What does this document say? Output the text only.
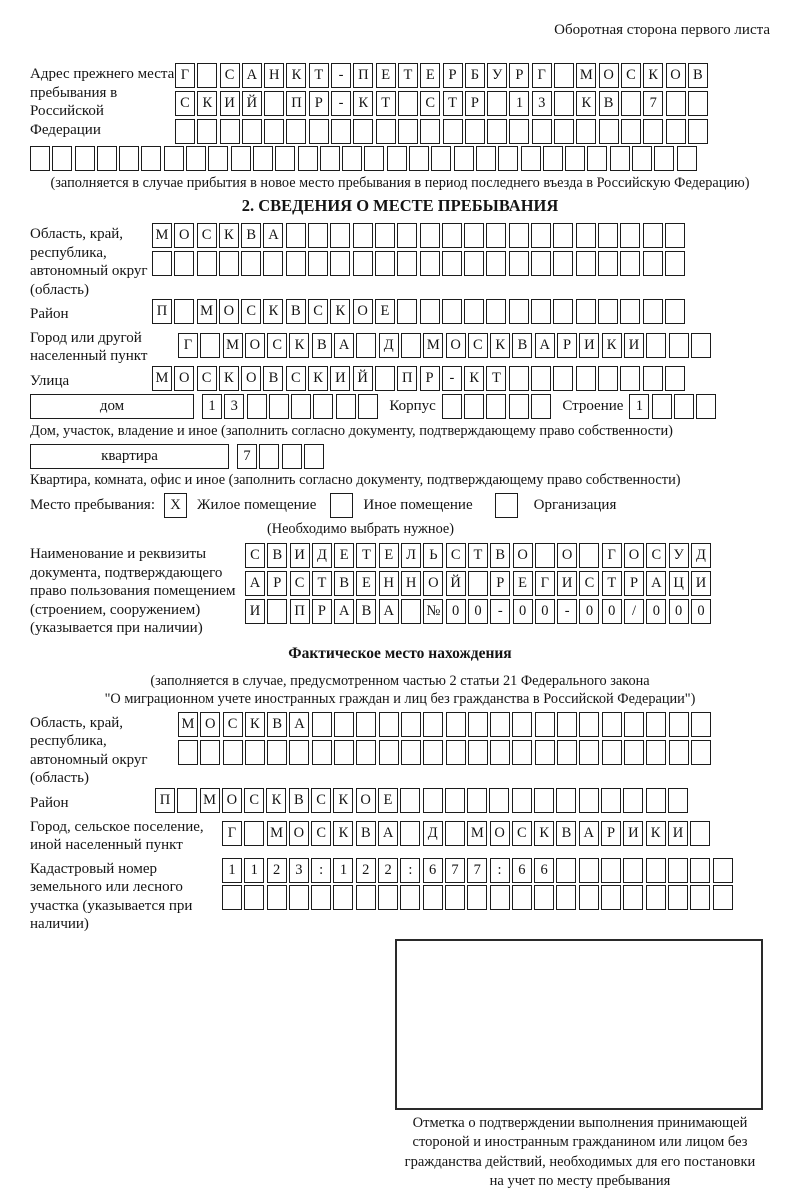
Оборотная сторона первого листа
Адрес прежнего места пребывания в Российской Федерации
Г	С А Н К Т	-	П Е Т Е Р Б У Р Г	М О С К О В
С К И Й	П Р	-	К Т	С Т Р	1	3	К В	7
(заполняется в случае прибытия в новое место пребывания в период последнего въезда в Российскую Федерацию)
2. СВЕДЕНИЯ О МЕСТЕ ПРЕБЫВАНИЯ
Область, край, республика, автономный округ (область)
М О С К В А
Район	П	М О С К В С К О Е
Город или другой населенный пункт
Г	М О С К В А	Д	М О С К В А Р И К И
Улица	М О С К О В С К И Й	П Р	-	К Т
дом	1	3	Корпус	Строение 1
Дом, участок, владение и иное (заполнить согласно документу, подтверждающему право собственности)
квартира	7
Квартира, комната, офис и иное (заполнить согласно документу, подтверждающему право собственности)
Место пребывания:	X	Жилое помещение	Иное помещение	Организация
(Необходимо выбрать нужное)
Наименование и реквизиты документа, подтверждающего право пользования помещением (строением, сооружением) (указывается при наличии)
С В И Д Е Т Е Л Ь С Т В О	О	Г О С У Д
А Р С Т В Е Н Н О Й	Р Е Г И С Т Р А Ц И
И	П Р А В А	№ 0	0	-	0	0	-	0	0	/	0	0	0
Фактическое место нахождения
(заполняется в случае, предусмотренном частью 2 статьи 21 Федерального закона
"О миграционном учете иностранных граждан и лиц без гражданства в Российской Федерации")
Область, край, республика, автономный округ (область)
М О С К В А
Район	П	М О С К В С К О Е
Город, сельское поселение, иной населенный пункт
Г	М О С К В А	Д	М О С К В А Р И К И
Кадастровый номер земельного или лесного участка (указывается при наличии)
1	1	2	3	:	1	2	2	:	6	7	7	:	6	6
Отметка о подтверждении выполнения принимающей
стороной и иностранным гражданином или лицом без
гражданства действий, необходимых для его постановки
на учет по месту пребывания
